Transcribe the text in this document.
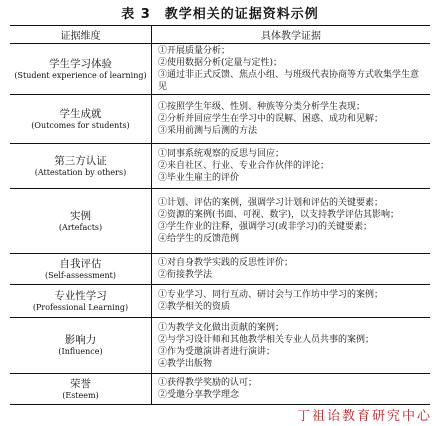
表 3 教学相关的证据资料示例
证据维度	具体教学证据
学生学习体验
(Student experience of learning)
①开展质量分析；
②使用数据分析(定量与定性)；
③通过非正式反馈、焦点小组、与班级代表协商等方式收集学生意见
学生成就
(Outcomes for students)
①按照学生年级、性别、种族等分类分析学生表现；
②分析并回应学生在学习中的误解、困惑、成功和见解；
③采用前测与后测的方法
第三方认证
(Attestation by others)
①同事系统观察的反思与回应；
②来自社区、行业、专业合作伙伴的评论；
③毕业生雇主的评价
实例
(Artefacts)
①计划、评估的案例，强调学习计划和评估的关键要素；
②资源的案例(书面、可视、数字)，以支持教学评估其影响；
③学生作业的注释，强调学习(或非学习)的关键要素；
④给学生的反馈范例
自我评估
(Self-assessment)
①对自身教学实践的反思性评价；
②衔接教学法
专业性学习
(Professional Learning)
①专业学习、同行互动、研讨会与工作坊中学习的案例；
②教学相关的资质
影响力
(Influence)
①为教学文化做出贡献的案例；
②与学习设计师和其他教学相关专业人员共事的案例；
③作为受邀演讲者进行演讲；
④教学出版物
荣誉
(Esteem)
①获得教学奖励的认可；
②受邀分享教学理念
丁祖诒教育研究中心
